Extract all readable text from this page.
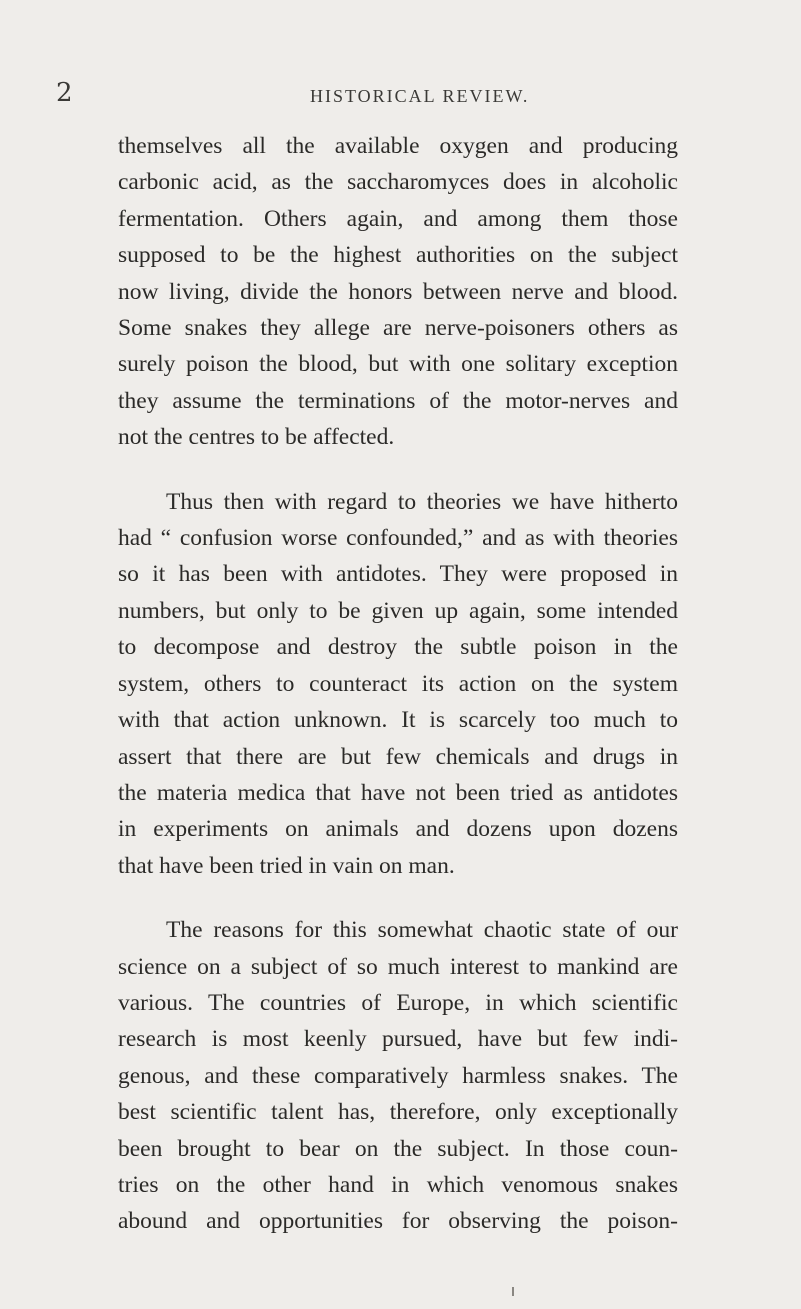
2	HISTORICAL REVIEW.
themselves all the available oxygen and producing
carbonic acid, as the saccharomyces does in alcoholic
fermentation. Others again, and among them those
supposed to be the highest authorities on the subject
now living, divide the honors between nerve and blood.
Some snakes they allege are nerve-poisoners others as
surely poison the blood, but with one solitary exception
they assume the terminations of the motor-nerves and
not the centres to be affected.
Thus then with regard to theories we have hitherto
had “ confusion worse confounded,” and as with theories
so it has been with antidotes. They were proposed in
numbers, but only to be given up again, some intended
to decompose and destroy the subtle poison in the
system, others to counteract its action on the system
with that action unknown. It is scarcely too much to
assert that there are but few chemicals and drugs in
the materia medica that have not been tried as antidotes
in experiments on animals and dozens upon dozens
that have been tried in vain on man.
The reasons for this somewhat chaotic state of our
science on a subject of so much interest to mankind are
various. The countries of Europe, in which scientific
research is most keenly pursued, have but few indi-
genous, and these comparatively harmless snakes. The
best scientific talent has, therefore, only exceptionally
been brought to bear on the subject. In those coun-
tries on the other hand in which venomous snakes
abound and opportunities for observing the poison-
